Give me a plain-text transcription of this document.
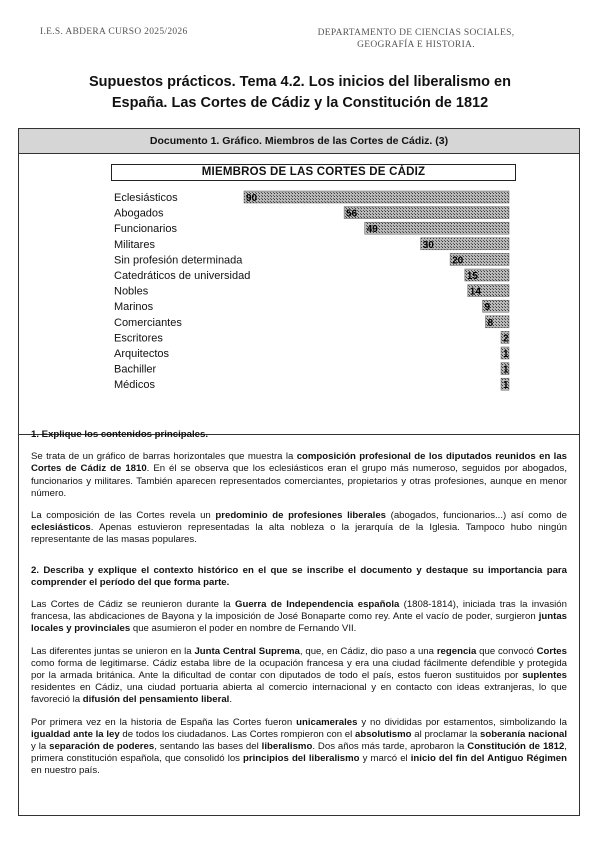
I.E.S. ABDERA CURSO 2025/2026	DEPARTAMENTO DE CIENCIAS SOCIALES,
GEOGRAFÍA E HISTORIA.
Supuestos prácticos. Tema 4.2. Los inicios del liberalismo en
España. Las Cortes de Cádiz y la Constitución de 1812
Documento 1. Gráfico. Miembros de las Cortes de Cádiz. (3)
Eclesiásticos	90
Abogados	56
Funcionarios	49
Militares	30
Sin profesión determinada	20
Catedráticos de universidad	15
Nobles	14
Marinos	9
Comerciantes	8
Escritores	2
Arquitectos	1
Bachiller	1
Médicos	1
MIEMBROS DE LAS CORTES DE CÁDIZ

1. Explique los contenidos principales.

Se trata de un gráfico de barras horizontales que muestra la composición profesional de los diputados reunidos en las Cortes de Cádiz de 1810. En él se observa que los eclesiásticos eran el grupo más numeroso, seguidos por abogados, funcionarios y militares. También aparecen representados comerciantes, propietarios y otras profesiones, aunque en menor número.

La composición de las Cortes revela un predominio de profesiones liberales (abogados, funcionarios...) así como de eclesiásticos. Apenas estuvieron representadas la alta nobleza o la jerarquía de la Iglesia. Tampoco hubo ningún representante de las masas populares.

2. Describa y explique el contexto histórico en el que se inscribe el documento y destaque su importancia para comprender el período del que forma parte.

Las Cortes de Cádiz se reunieron durante la Guerra de Independencia española (1808-1814), iniciada tras la invasión francesa, las abdicaciones de Bayona y la imposición de José Bonaparte como rey. Ante el vacío de poder, surgieron juntas locales y provinciales que asumieron el poder en nombre de Fernando VII.

Las diferentes juntas se unieron en la Junta Central Suprema, que, en Cádiz, dio paso a una regencia que convocó Cortes como forma de legitimarse. Cádiz estaba libre de la ocupación francesa y era una ciudad fácilmente defendible y protegida por la armada británica. Ante la dificultad de contar con diputados de todo el país, estos fueron sustituidos por suplentes residentes en Cádiz, una ciudad portuaria abierta al comercio internacional y en contacto con ideas extranjeras, lo que favoreció la difusión del pensamiento liberal.

Por primera vez en la historia de España las Cortes fueron unicamerales y no divididas por estamentos, simbolizando la igualdad ante la ley de todos los ciudadanos. Las Cortes rompieron con el absolutismo al proclamar la soberanía nacional y la separación de poderes, sentando las bases del liberalismo. Dos años más tarde, aprobaron la Constitución de 1812, primera constitución española, que consolidó los principios del liberalismo y marcó el inicio del fin del Antiguo Régimen en nuestro país.
